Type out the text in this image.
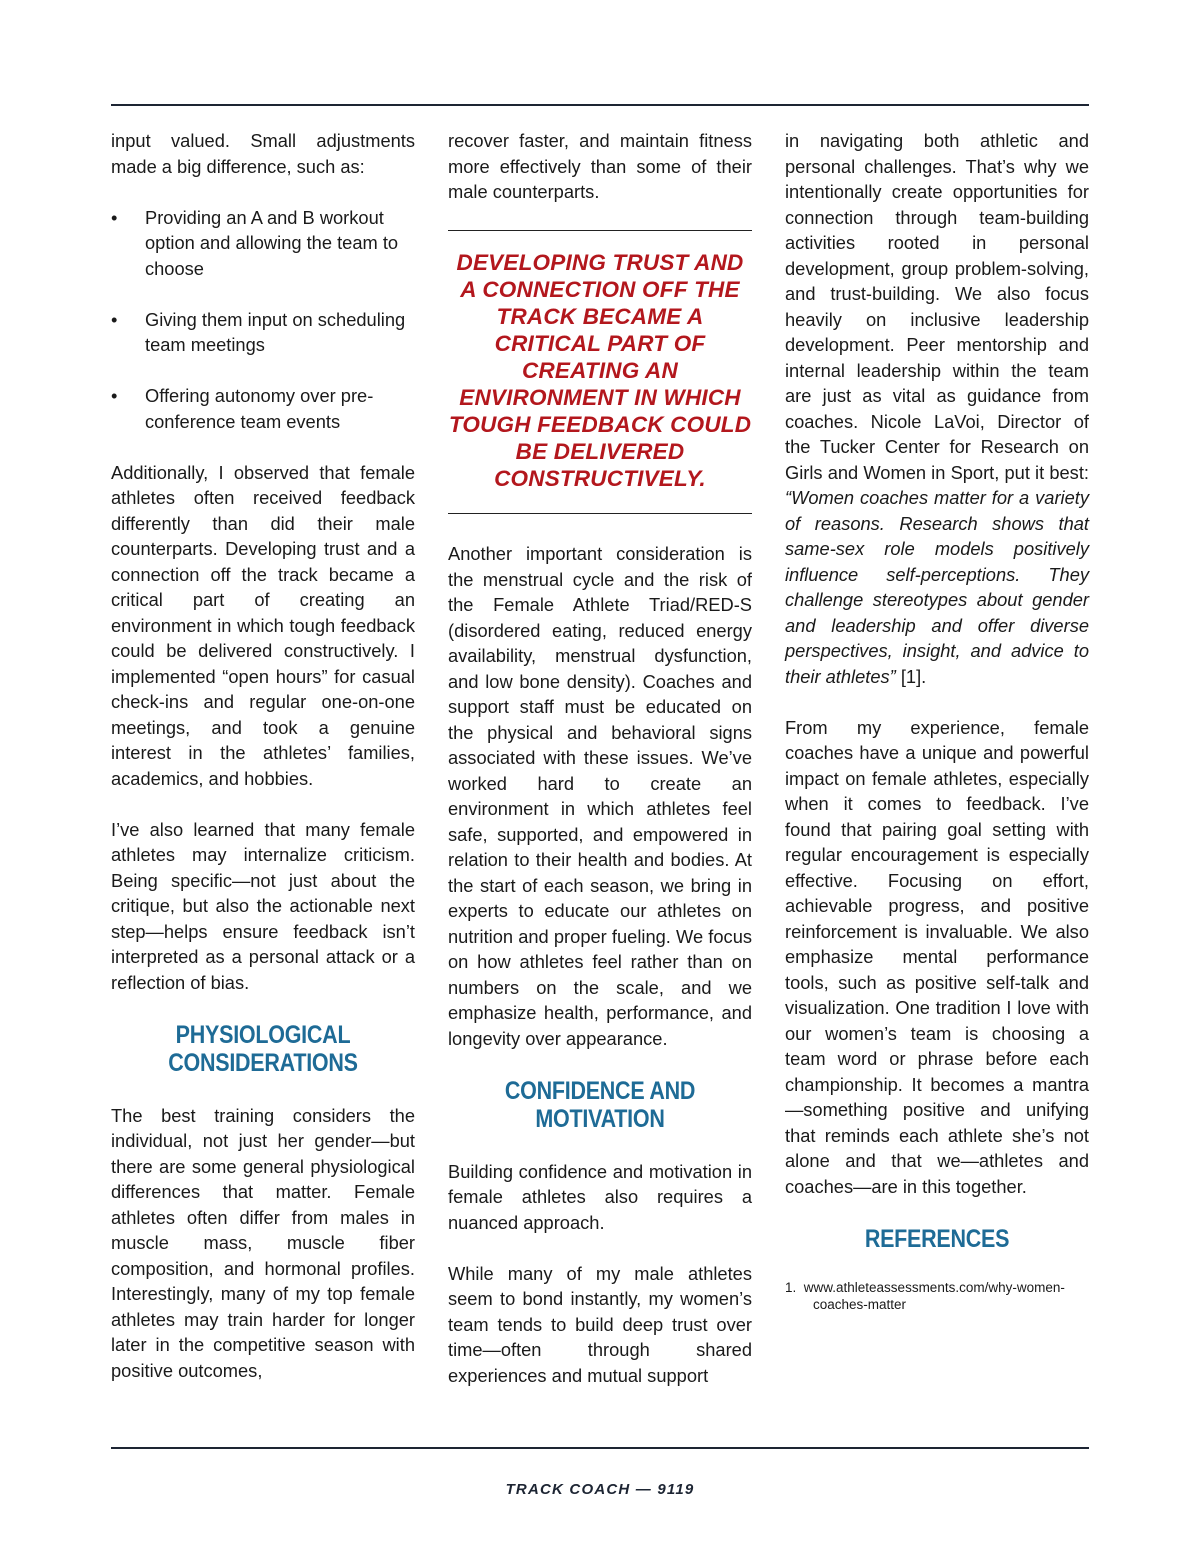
input valued. Small adjustments made a big difference, such as:

• Providing an A and B workout option and allowing the team to choose
• Giving them input on scheduling team meetings
• Offering autonomy over pre-conference team events

Additionally, I observed that female athletes often received feedback differently than did their male counterparts. Developing trust and a connection off the track became a critical part of creating an environment in which tough feedback could be delivered constructively. I implemented “open hours” for casual check-ins and regular one-on-one meetings, and took a genuine interest in the athletes’ families, academics, and hobbies.

I’ve also learned that many female athletes may internalize criticism. Being specific—not just about the critique, but also the actionable next step—helps ensure feedback isn’t interpreted as a personal attack or a reflection of bias.

PHYSIOLOGICAL CONSIDERATIONS

The best training considers the individual, not just her gender—but there are some general physiological differences that matter. Female athletes often differ from males in muscle mass, muscle fiber composition, and hormonal profiles. Interestingly, many of my top female athletes may train harder for longer later in the competitive season with positive outcomes,

recover faster, and maintain fitness more effectively than some of their male counterparts.

DEVELOPING TRUST AND A CONNECTION OFF THE TRACK BECAME A CRITICAL PART OF CREATING AN ENVIRONMENT IN WHICH TOUGH FEEDBACK COULD BE DELIVERED CONSTRUCTIVELY.

Another important consideration is the menstrual cycle and the risk of the Female Athlete Triad/RED-S (disordered eating, reduced energy availability, menstrual dysfunction, and low bone density). Coaches and support staff must be educated on the physical and behavioral signs associated with these issues. We’ve worked hard to create an environment in which athletes feel safe, supported, and empowered in relation to their health and bodies. At the start of each season, we bring in experts to educate our athletes on nutrition and proper fueling. We focus on how athletes feel rather than on numbers on the scale, and we emphasize health, performance, and longevity over appearance.

CONFIDENCE AND MOTIVATION

Building confidence and motivation in female athletes also requires a nuanced approach.

While many of my male athletes seem to bond instantly, my women’s team tends to build deep trust over time—often through shared experiences and mutual support

in navigating both athletic and personal challenges. That’s why we intentionally create opportunities for connection through team-building activities rooted in personal development, group problem-solving, and trust-building. We also focus heavily on inclusive leadership development. Peer mentorship and internal leadership within the team are just as vital as guidance from coaches. Nicole LaVoi, Director of the Tucker Center for Research on Girls and Women in Sport, put it best: “Women coaches matter for a variety of reasons. Research shows that same-sex role models positively influence self-perceptions. They challenge stereotypes about gender and leadership and offer diverse perspectives, insight, and advice to their athletes” [1].

From my experience, female coaches have a unique and powerful impact on female athletes, especially when it comes to feedback. I’ve found that pairing goal setting with regular encouragement is especially effective. Focusing on effort, achievable progress, and positive reinforcement is invaluable. We also emphasize mental performance tools, such as positive self-talk and visualization. One tradition I love with our women’s team is choosing a team word or phrase before each championship. It becomes a mantra—something positive and unifying that reminds each athlete she’s not alone and that we—athletes and coaches—are in this together.

REFERENCES
1.  www.athleteassessments.com/why-women-coaches-matter
TRACK COACH — 9119
